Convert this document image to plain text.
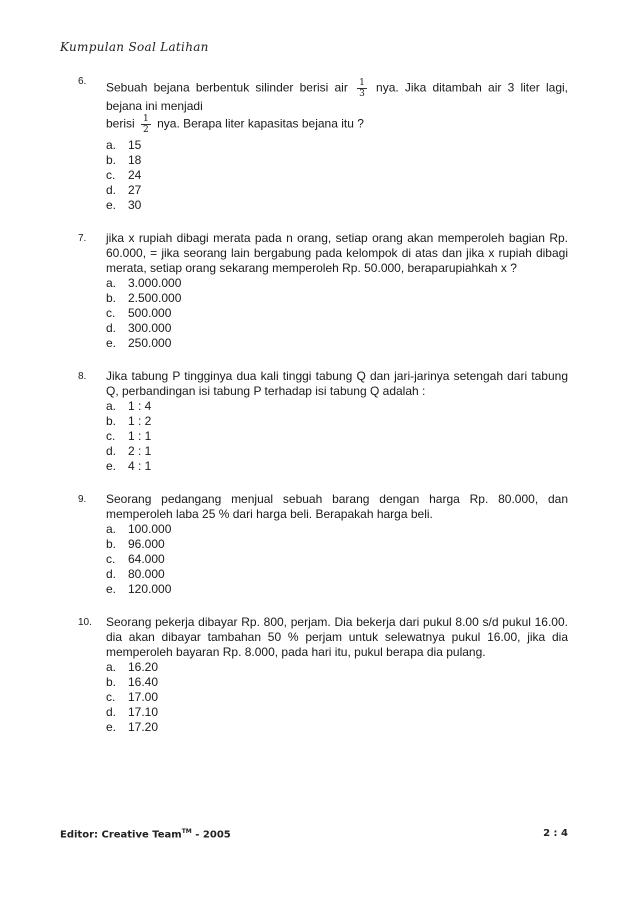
Kumpulan Soal Latihan
6.	Sebuah bejana berbentuk silinder berisi air $\frac{1}{3}$ nya. Jika ditambah air 3 liter lagi, bejana ini menjadi

berisi $\frac{1}{2}$ nya. Berapa liter kapasitas bejana itu ?

a. 15
b. 18
c.	24
d. 27
e. 30
7.	jika x rupiah dibagi merata pada n orang, setiap orang akan memperoleh bagian Rp. 60.000, = jika seorang lain bergabung pada kelompok di atas dan jika x rupiah dibagi merata, setiap orang sekarang memperoleh Rp. 50.000, beraparupiahkah x ?

a. 3.000.000
b. 2.500.000
c.	500.000
d. 300.000
e. 250.000
8.	Jika tabung P tingginya dua kali tinggi tabung Q dan jari-jarinya setengah dari tabung Q, perbandingan isi tabung P terhadap isi tabung Q adalah :

a. 1 : 4
b. 1 : 2
c.	1 : 1
d. 2 : 1
e. 4 : 1
9.	Seorang pedangang menjual sebuah barang dengan harga Rp. 80.000, dan memperoleh laba 25 % dari harga beli. Berapakah harga beli.

a. 100.000
b. 96.000
c.	64.000
d. 80.000
e. 120.000
10.	Seorang pekerja dibayar Rp. 800, perjam. Dia bekerja dari pukul 8.00 s/d pukul 16.00. dia akan dibayar tambahan 50 % perjam untuk selewatnya pukul 16.00, jika dia memperoleh bayaran Rp. 8.000, pada hari itu, pukul berapa dia pulang.

a. 16.20
b. 16.40
c.	17.00
d. 17.10
e. 17.20
Editor: Creative Team™ - 2005	2 : 4
